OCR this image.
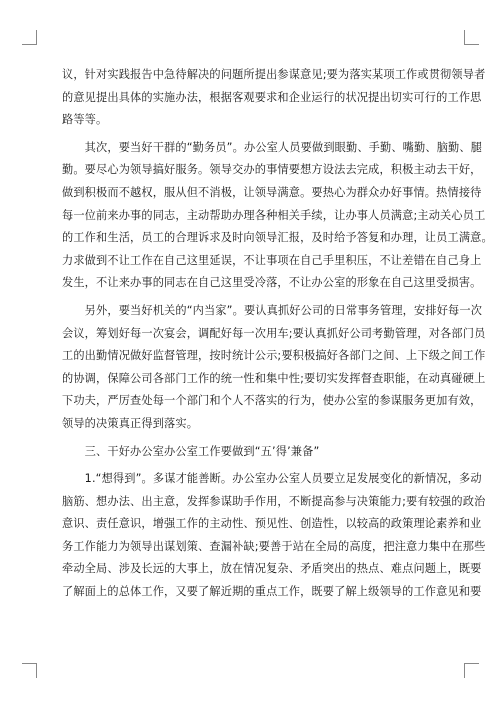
议，针对实践报告中急待解决的问题所提出参谋意见;要为落实某项工作或贯彻领导者
的意见提出具体的实施办法，根据客观要求和企业运行的状况提出切实可行的工作思
路等等。
　　其次，要当好干群的“勤务员”。办公室人员要做到眼勤、手勤、嘴勤、脑勤、腿
勤。要尽心为领导搞好服务。领导交办的事情要想方设法去完成，积极主动去干好，
做到积极而不越权，服从但不消极，让领导满意。要热心为群众办好事情。热情接待
每一位前来办事的同志，主动帮助办理各种相关手续，让办事人员满意;主动关心员工
的工作和生活，员工的合理诉求及时向领导汇报，及时给予答复和办理，让员工满意。
力求做到不让工作在自己这里延误，不让事项在自己手里积压，不让差错在自己身上
发生，不让来办事的同志在自己这里受冷落，不让办公室的形象在自己这里受损害。
　　另外，要当好机关的“内当家”。要认真抓好公司的日常事务管理，安排好每一次
会议，筹划好每一次宴会，调配好每一次用车;要认真抓好公司考勤管理，对各部门员
工的出勤情况做好监督管理，按时统计公示;要积极搞好各部门之间、上下级之间工作
的协调，保障公司各部门工作的统一性和集中性;要切实发挥督查职能，在动真碰硬上
下功夫，严厉查处每一个部门和个人不落实的行为，使办公室的参谋服务更加有效，
领导的决策真正得到落实。
　　三、干好办公室办公室工作要做到“五’得’兼备”
　　1.“想得到”。多谋才能善断。办公室办公室人员要立足发展变化的新情况，多动
脑筋、想办法、出主意，发挥参谋助手作用，不断提高参与决策能力;要有较强的政治
意识、责任意识，增强工作的主动性、预见性、创造性，以较高的政策理论素养和业
务工作能力为领导出谋划策、查漏补缺;要善于站在全局的高度，把注意力集中在那些
牵动全局、涉及长远的大事上，放在情况复杂、矛盾突出的热点、难点问题上，既要
了解面上的总体工作，又要了解近期的重点工作，既要了解上级领导的工作意见和要
